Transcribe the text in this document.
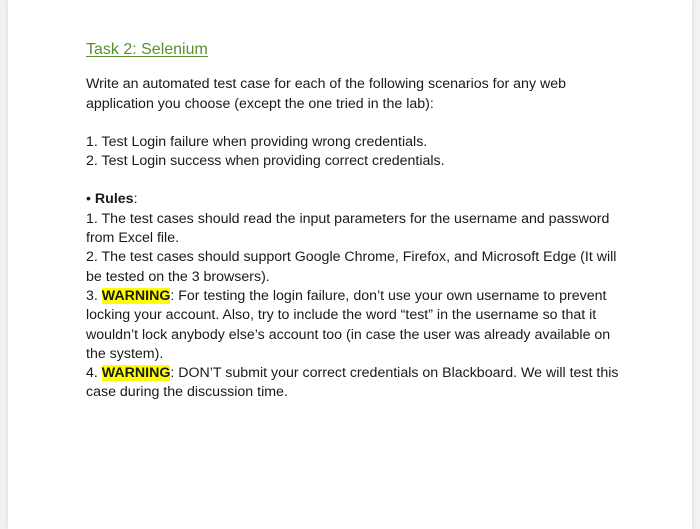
Task 2: Selenium

Write an automated test case for each of the following scenarios for any web application you choose (except the one tried in the lab):

1. Test Login failure when providing wrong credentials.

2. Test Login success when providing correct credentials.

• Rules:

1. The test cases should read the input parameters for the username and password from Excel file.

2. The test cases should support Google Chrome, Firefox, and Microsoft Edge (It will be tested on the 3 browsers).

3. WARNING: For testing the login failure, don’t use your own username to prevent locking your account. Also, try to include the word “test” in the username so that it wouldn’t lock anybody else’s account too (in case the user was already available on the system).

4. WARNING: DON’T submit your correct credentials on Blackboard. We will test this case during the discussion time.
